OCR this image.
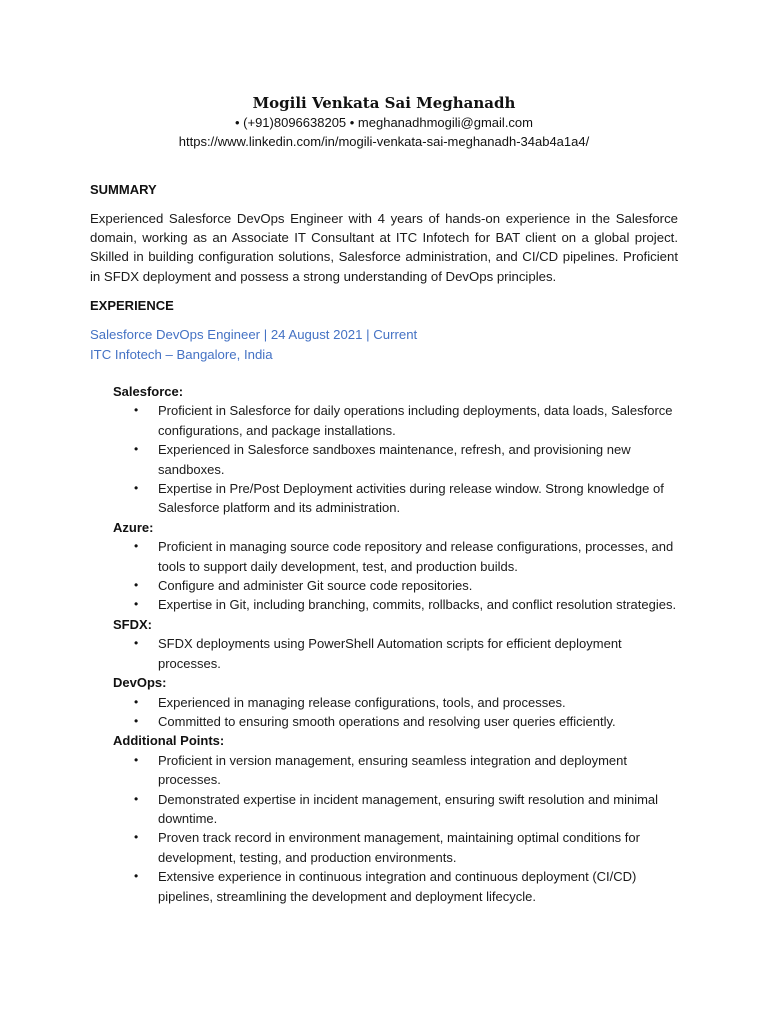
Mogili Venkata Sai Meghanadh
• (+91)8096638205 • meghanadhmogili@gmail.com
https://www.linkedin.com/in/mogili-venkata-sai-meghanadh-34ab4a1a4/
SUMMARY
Experienced Salesforce DevOps Engineer with 4 years of hands-on experience in the Salesforce domain, working as an Associate IT Consultant at ITC Infotech for BAT client on a global project. Skilled in building configuration solutions, Salesforce administration, and CI/CD pipelines. Proficient in SFDX deployment and possess a strong understanding of DevOps principles.
EXPERIENCE
Salesforce DevOps Engineer | 24 August 2021 | Current
ITC Infotech – Bangalore, India
Salesforce:
• Proficient in Salesforce for daily operations including deployments, data loads, Salesforce configurations, and package installations.
• Experienced in Salesforce sandboxes maintenance, refresh, and provisioning new sandboxes.
• Expertise in Pre/Post Deployment activities during release window. Strong knowledge of Salesforce platform and its administration.
Azure:
• Proficient in managing source code repository and release configurations, processes, and tools to support daily development, test, and production builds.
• Configure and administer Git source code repositories.
• Expertise in Git, including branching, commits, rollbacks, and conflict resolution strategies.
SFDX:
• SFDX deployments using PowerShell Automation scripts for efficient deployment processes.
DevOps:
• Experienced in managing release configurations, tools, and processes.
• Committed to ensuring smooth operations and resolving user queries efficiently.
Additional Points:
• Proficient in version management, ensuring seamless integration and deployment processes.
• Demonstrated expertise in incident management, ensuring swift resolution and minimal downtime.
• Proven track record in environment management, maintaining optimal conditions for development, testing, and production environments.
• Extensive experience in continuous integration and continuous deployment (CI/CD) pipelines, streamlining the development and deployment lifecycle.
